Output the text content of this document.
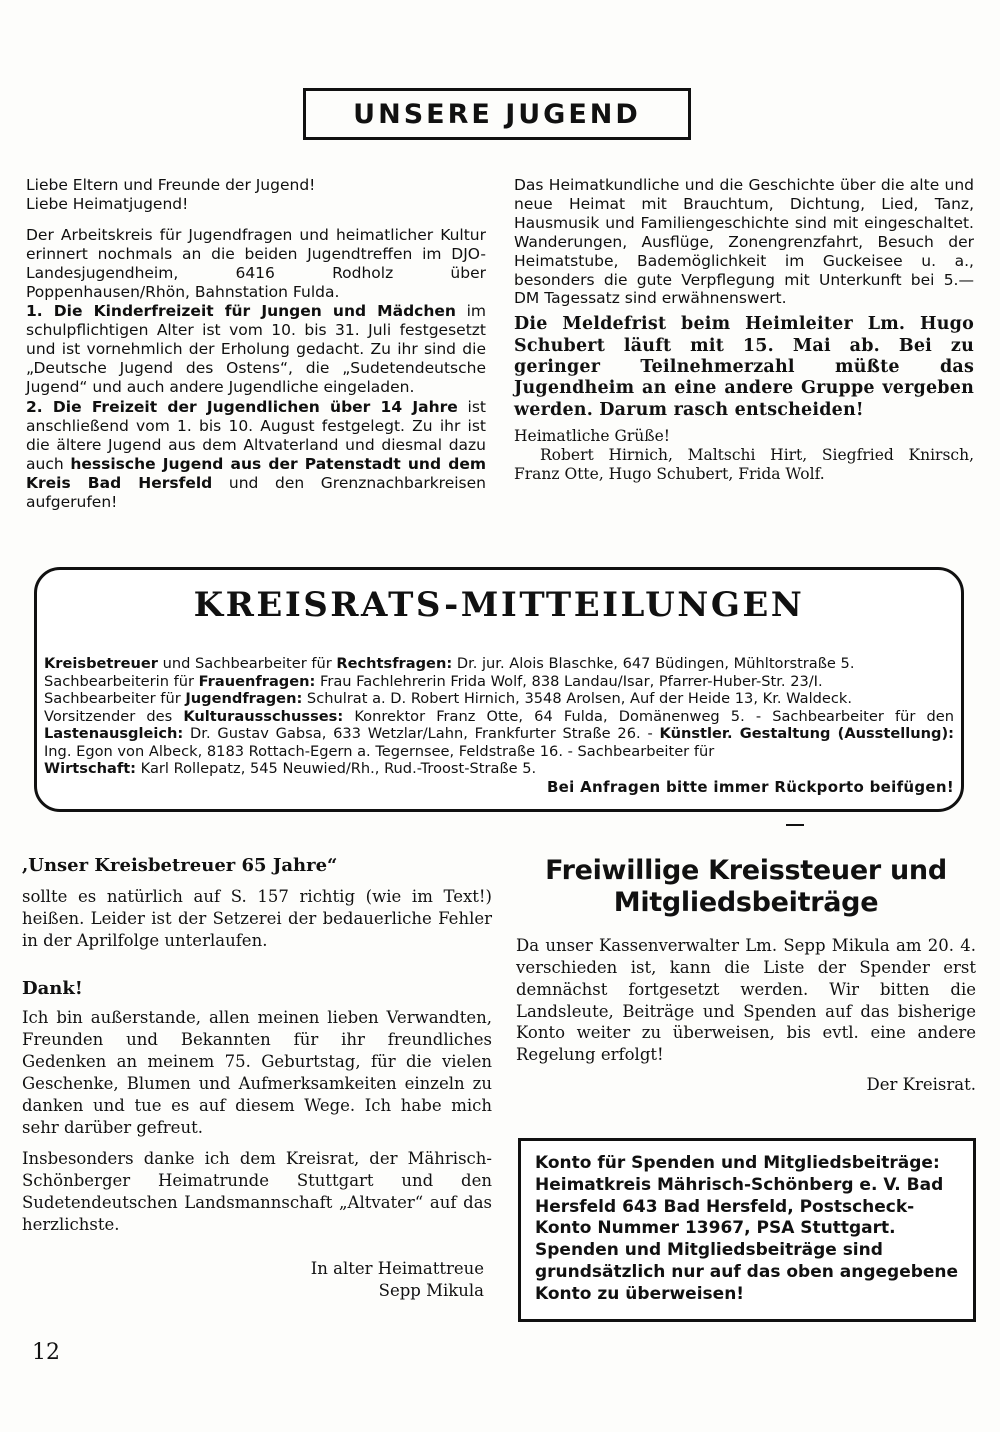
UNSERE JUGEND

Liebe Eltern und Freunde der Jugend!

Liebe Heimatjugend!

Der Arbeitskreis für Jugendfragen und heimatlicher Kultur erinnert nochmals an die beiden Jugendtreffen im DJO-Landesjugendheim, 6416 Rodholz über Poppenhausen/Rhön, Bahnstation Fulda.

1. Die Kinderfreizeit für Jungen und Mädchen im schulpflichtigen Alter ist vom 10. bis 31. Juli festgesetzt und ist vornehmlich der Erholung gedacht. Zu ihr sind die „Deutsche Jugend des Ostens“, die „Sudetendeutsche Jugend“ und auch andere Jugendliche eingeladen.

2. Die Freizeit der Jugendlichen über 14 Jahre ist anschließend vom 1. bis 10. August festgelegt. Zu ihr ist die ältere Jugend aus dem Altvaterland und diesmal dazu auch hessische Jugend aus der Patenstadt und dem Kreis Bad Hersfeld und den Grenznachbarkreisen aufgerufen!

Das Heimatkundliche und die Geschichte über die alte und neue Heimat mit Brauchtum, Dichtung, Lied, Tanz, Hausmusik und Familiengeschichte sind mit eingeschaltet. Wanderungen, Ausflüge, Zonengrenzfahrt, Besuch der Heimatstube, Bademöglichkeit im Guckeisee u. a., besonders die gute Verpflegung mit Unterkunft bei 5.— DM Tagessatz sind erwähnenswert.

Die Meldefrist beim Heimleiter Lm. Hugo Schubert läuft mit 15. Mai ab. Bei zu geringer Teilnehmerzahl müßte das Jugendheim an eine andere Gruppe vergeben werden. Darum rasch entscheiden!

Heimatliche Grüße!

Robert Hirnich, Maltschi Hirt, Siegfried Knirsch, Franz Otte, Hugo Schubert, Frida Wolf.

KREISRATS-MITTEILUNGEN
Kreisbetreuer und Sachbearbeiter für Rechtsfragen: Dr. jur. Alois Blaschke, 647 Büdingen, Mühltorstraße 5.
Sachbearbeiterin für Frauenfragen: Frau Fachlehrerin Frida Wolf, 838 Landau/Isar, Pfarrer-Huber-Str. 23/I.
Sachbearbeiter für Jugendfragen: Schulrat a. D. Robert Hirnich, 3548 Arolsen, Auf der Heide 13, Kr. Waldeck.
Vorsitzender des Kulturausschusses: Konrektor Franz Otte, 64 Fulda, Domänenweg 5. - Sachbearbeiter für den Lastenausgleich: Dr. Gustav Gabsa, 633 Wetzlar/Lahn, Frankfurter Straße 26. - Künstler. Gestaltung (Ausstellung): Ing. Egon von Albeck, 8183 Rottach-Egern a. Tegernsee, Feldstraße 16. - Sachbearbeiter für
Wirtschaft: Karl Rollepatz, 545 Neuwied/Rh., Rud.-Troost-Straße 5.
Bei Anfragen bitte immer Rückporto beifügen!

,Unser Kreisbetreuer 65 Jahre“

sollte es natürlich auf S. 157 richtig (wie im Text!) heißen. Leider ist der Setzerei der bedauerliche Fehler in der Aprilfolge unterlaufen.

Dank!

Ich bin außerstande, allen meinen lieben Verwandten, Freunden und Bekannten für ihr freundliches Gedenken an meinem 75. Geburtstag, für die vielen Geschenke, Blumen und Aufmerksamkeiten einzeln zu danken und tue es auf diesem Wege. Ich habe mich sehr darüber gefreut.

Insbesonders danke ich dem Kreisrat, der Mährisch-Schönberger Heimatrunde Stuttgart und den Sudetendeutschen Landsmannschaft „Altvater“ auf das herzlichste.

In alter Heimattreue
Sepp Mikula
Freiwillige Kreissteuer und
Mitgliedsbeiträge

Da unser Kassenverwalter Lm. Sepp Mikula am 20. 4. verschieden ist, kann die Liste der Spender erst demnächst fortgesetzt werden. Wir bitten die Landsleute, Beiträge und Spenden auf das bisherige Konto weiter zu überweisen, bis evtl. eine andere Regelung erfolgt!

Der Kreisrat.

Konto für Spenden und Mitgliedsbeiträge: Heimatkreis Mährisch-Schönberg e. V. Bad Hersfeld 643 Bad Hersfeld, Postscheck-Konto Nummer 13967, PSA Stuttgart. Spenden und Mitgliedsbeiträge sind grundsätzlich nur auf das oben angegebene Konto zu überweisen!

12
